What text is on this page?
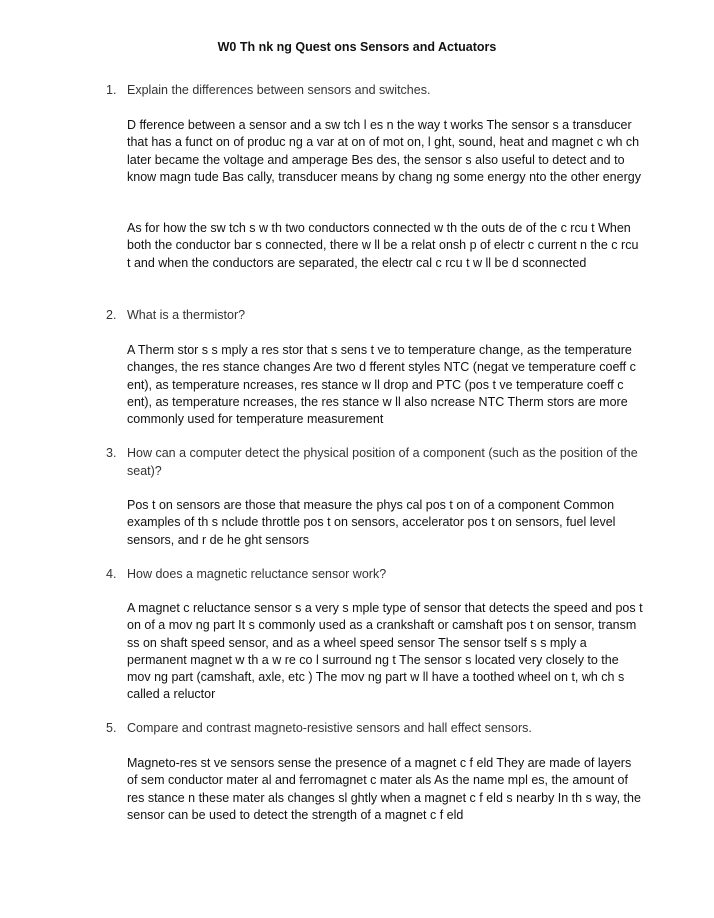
W0 Th nk ng Quest ons Sensors and Actuators
1. Explain the differences between sensors and switches.

D fference between a sensor and a sw tch l es n the way t works The sensor s a transducer that has a funct on of produc ng a var at on of mot on, l ght, sound, heat and magnet c wh ch later became the voltage and amperage Bes des, the sensor s also useful to detect and to know magn tude Bas cally, transducer means by chang ng some energy nto the other energy

As for how the sw tch s w th two conductors connected w th the outs de of the c rcu t When both the conductor bar s connected, there w ll be a relat onsh p of electr c current n the c rcu t and when the conductors are separated, the electr cal c rcu t w ll be d sconnected

2. What is a thermistor?

A Therm stor s s mply a res stor that s sens t ve to temperature change, as the temperature changes, the res stance changes Are two d fferent styles NTC (negat ve temperature coeff c ent), as temperature ncreases, res stance w ll drop and PTC (pos t ve temperature coeff c ent), as temperature ncreases, the res stance w ll also ncrease NTC Therm stors are more commonly used for temperature measurement

3. How can a computer detect the physical position of a component (such as the position of the seat)?

Pos t on sensors are those that measure the phys cal pos t on of a component Common examples of th s nclude throttle pos t on sensors, accelerator pos t on sensors, fuel level sensors, and r de he ght sensors

4. How does a magnetic reluctance sensor work?

A magnet c reluctance sensor s a very s mple type of sensor that detects the speed and pos t on of a mov ng part It s commonly used as a crankshaft or camshaft pos t on sensor, transm ss on shaft speed sensor, and as a wheel speed sensor The sensor tself s s mply a permanent magnet w th a w re co l surround ng t The sensor s located very closely to the mov ng part (camshaft, axle, etc ) The mov ng part w ll have a toothed wheel on t, wh ch s called a reluctor

5. Compare and contrast magneto-resistive sensors and hall effect sensors.

Magneto-res st ve sensors sense the presence of a magnet c f eld They are made of layers of sem conductor mater al and ferromagnet c mater als As the name mpl es, the amount of res stance n these mater als changes sl ghtly when a magnet c f eld s nearby In th s way, the sensor can be used to detect the strength of a magnet c f eld
